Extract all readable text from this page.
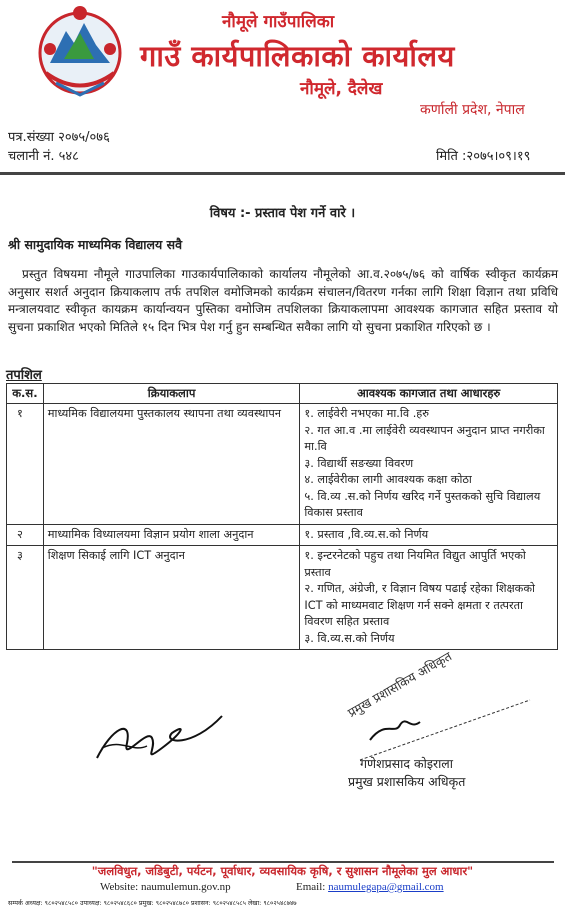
नौमूले गाउँपालिका
गाउँ कार्यपालिकाको कार्यालय
नौमूले, दैलेख
कर्णाली प्रदेश, नेपाल
पत्र.संख्या २०७५/०७६
चलानी नं. ५४८	मिति :२०७५।०९।१९
विषय :- प्रस्ताव पेश गर्ने वारे ।
श्री सामुदायिक माध्यमिक विद्यालय सवै
प्रस्तुत विषयमा नौमूले गाउपालिका गाउकार्यपालिकाको कार्यालय नौमूलेको आ.व.२०७५/७६ को वार्षिक स्वीकृत कार्यक्रम अनुसार सशर्त अनुदान क्रियाकलाप तर्फ तपशिल वमोजिमको कार्यक्रम संचालन/वितरण गर्नका लागि शिक्षा विज्ञान तथा प्रविधि मन्त्रालयवाट स्वीकृत कायक्रम कार्यान्वयन पुस्तिका वमोजिम तपशिलका क्रियाकलापमा आवश्यक कागजात सहित प्रस्ताव यो सुचना प्रकाशित भएको मितिले १५ दिन भित्र पेश गर्नु हुन सम्बन्धित सवैका लागि यो सुचना प्रकाशित गरिएको छ ।
तपशिल
क.स.	क्रियाकलाप	आवश्यक कागजात तथा आधारहरु
१	माध्यमिक विद्यालयमा पुस्तकालय स्थापना तथा व्यवस्थापन	१. लाईवेरी नभएका मा.वि .हरु
२. गत आ.व .मा लाईवेरी व्यवस्थापन अनुदान प्राप्त नगरीका मा.वि
३. विद्यार्थी सङख्या विवरण
४. लाईवेरीका लागी आवश्यक कक्षा कोठा
५. वि.व्य .स.को निर्णय खरिद गर्ने पुस्तकको सुचि विद्यालय विकास प्रस्ताव

२	माध्यामिक विध्यालयमा विज्ञान प्रयोग शाला अनुदान	१. प्रस्ताव ,वि.व्य.स.को निर्णय

३	शिक्षण सिकाई लागि ICT अनुदान	१. इन्टरनेटको पहुच तथा नियमित विद्युत आपुर्ति भएको प्रस्ताव
२. गणित, अंग्रेजी, र विज्ञान विषय पढाई रहेका शिक्षकको ICT को माध्यमवाट शिक्षण गर्न सक्ने क्षमता र तत्परता विवरण सहित प्रस्ताव
३. वि.व्य.स.को निर्णय
प्रमुख प्रशासकिय अधिकृत
गणेशप्रसाद कोइराला
प्रमुख प्रशासकिय अधिकृत
"जलविधुत, जडिबुटी, पर्यटन, पूर्वाधार, व्यवसायिक कृषि, र सुशासन नौमूलेका मुल आधार"
Website: naumulemun.gov.np	Email: naumulegapa@gmail.com
सम्पर्क अध्यक्ष: ९८०२५४८५८० उपाध्यक्ष: ९८०२५४८६८० प्रमुख: ९८०२५४८७८० प्रशासन: ९८०२५४८५८५ लेखा: ९८०२५४८७४७
